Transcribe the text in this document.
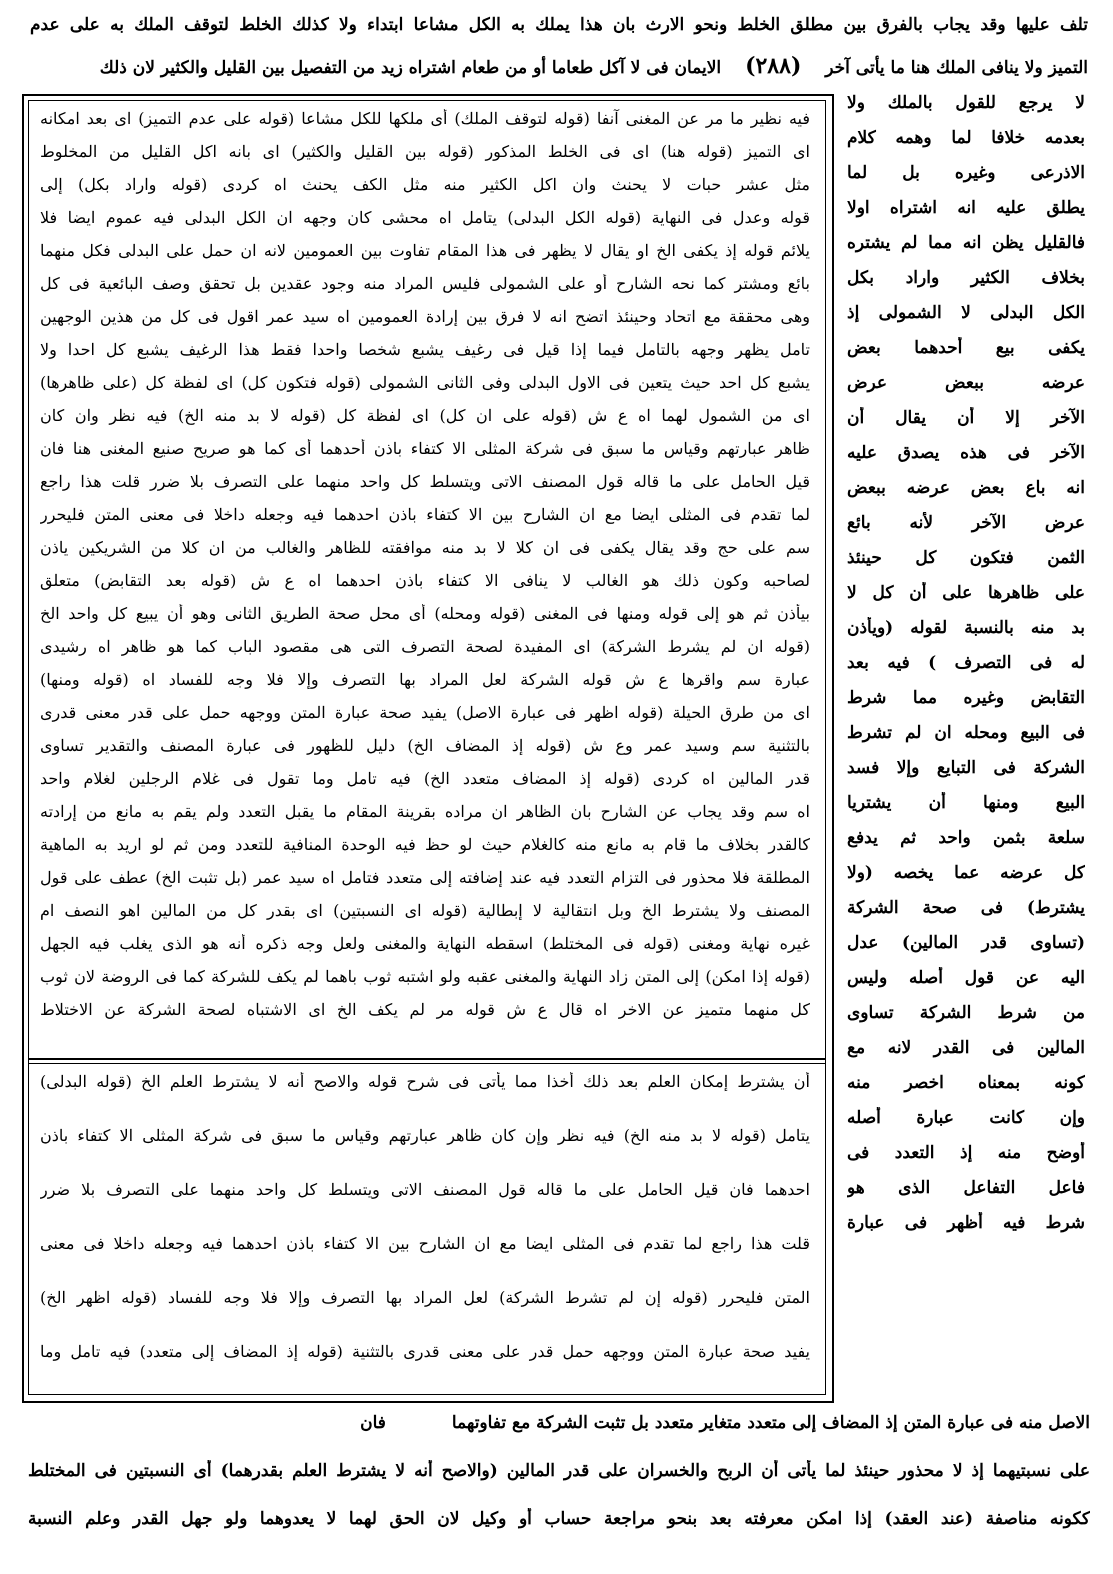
تلف عليها وقد يجاب بالفرق بين مطلق الخلط ونحو الارث بان هذا يملك به الكل مشاعا ابتداء ولا كذلك الخلط لتوقف الملك به على عدم
التميز ولا ينافى الملك هنا ما يأتى آخر (٢٨٨) الايمان فى لا آكل طعاما أو من طعام اشتراه زيد من التفصيل بين القليل والكثير لان ذلك
لا يرجع للقول بالملك ولا
بعدمه خلافا لما وهمه كلام
الاذرعى وغيره بل لما
يطلق عليه انه اشتراه اولا
فالقليل يظن انه مما لم يشتره
بخلاف الكثير واراد بكل
الكل البدلى لا الشمولى إذ
يكفى بيع أحدهما بعض
عرضه ببعض عرض
الآخر إلا أن يقال أن
الآخر فى هذه يصدق عليه
انه باع بعض عرضه ببعض
عرض الآخر لأنه بائع
الثمن فتكون كل حينئذ
على ظاهرها على أن كل لا
بد منه بالنسبة لقوله (ويأذن
له فى التصرف ) فيه بعد
التقابض وغيره مما شرط
فى البيع ومحله ان لم تشرط
الشركة فى التبايع وإلا فسد
البيع ومنها أن يشتريا
سلعة بثمن واحد ثم يدفع
كل عرضه عما يخصه (ولا
يشترط) فى صحة الشركة
(تساوى قدر المالين) عدل
اليه عن قول أصله وليس
من شرط الشركة تساوى
المالين فى القدر لانه مع
كونه بمعناه اخصر منه
وإن كانت عبارة أصله
أوضح منه إذ التعدد فى
فاعل التفاعل الذى هو
شرط فيه أظهر فى عبارة
فيه نظير ما مر عن المغنى آنفا (قوله لتوقف الملك) أى ملكها للكل مشاعا (قوله على عدم التميز) اى بعد امكانه
اى التميز (قوله هنا) اى فى الخلط المذكور (قوله بين القليل والكثير) اى بانه اكل القليل من المخلوط
مثل عشر حبات لا يحنث وان اكل الكثير منه مثل الكف يحنث اه كردى (قوله واراد بكل) إلى
قوله وعدل فى النهاية (قوله الكل البدلى) يتامل اه محشى كان وجهه ان الكل البدلى فيه عموم ايضا فلا
يلائم قوله إذ يكفى الخ او يقال لا يظهر فى هذا المقام تفاوت بين العمومين لانه ان حمل على البدلى فكل منهما
بائع ومشتر كما نحه الشارح أو على الشمولى فليس المراد منه وجود عقدين بل تحقق وصف البائعية فى كل
وهى محققة مع اتحاد وحينئذ اتضح انه لا فرق بين إرادة العمومين اه سيد عمر اقول فى كل من هذين الوجهين
تامل يظهر وجهه بالتامل فيما إذا قيل فى رغيف يشبع شخصا واحدا فقط هذا الرغيف يشبع كل احدا ولا
يشبع كل احد حيث يتعين فى الاول البدلى وفى الثانى الشمولى (قوله فتكون كل) اى لفظة كل (على ظاهرها)
اى من الشمول لهما اه ع ش (قوله على ان كل) اى لفظة كل (قوله لا بد منه الخ) فيه نظر وان كان
ظاهر عبارتهم وقياس ما سبق فى شركة المثلى الا كتفاء باذن أحدهما أى كما هو صريح صنيع المغنى هنا فان
قيل الحامل على ما قاله قول المصنف الاتى ويتسلط كل واحد منهما على التصرف بلا ضرر قلت هذا راجع
لما تقدم فى المثلى ايضا مع ان الشارح بين الا كتفاء باذن احدهما فيه وجعله داخلا فى معنى المتن فليحرر
سم على حج وقد يقال يكفى فى ان كلا لا بد منه موافقته للظاهر والغالب من ان كلا من الشريكين ياذن
لصاحبه وكون ذلك هو الغالب لا ينافى الا كتفاء باذن احدهما اه ع ش (قوله بعد التقابض) متعلق
بيأذن ثم هو إلى قوله ومنها فى المغنى (قوله ومحله) أى محل صحة الطريق الثانى وهو أن يبيع كل واحد الخ
(قوله ان لم يشرط الشركة) اى المفيدة لصحة التصرف التى هى مقصود الباب كما هو ظاهر اه رشيدى
عبارة سم واقرها ع ش قوله الشركة لعل المراد بها التصرف وإلا فلا وجه للفساد اه (قوله ومنها)
اى من طرق الحيلة (قوله اظهر فى عبارة الاصل) يفيد صحة عبارة المتن ووجهه حمل على قدر معنى قدرى
بالتثنية سم وسيد عمر وع ش (قوله إذ المضاف الخ) دليل للظهور فى عبارة المصنف والتقدير تساوى
قدر المالين اه كردى (قوله إذ المضاف متعدد الخ) فيه تامل وما تقول فى غلام الرجلين لغلام واحد
اه سم وقد يجاب عن الشارح بان الظاهر ان مراده بقرينة المقام ما يقبل التعدد ولم يقم به مانع من إرادته
كالقدر بخلاف ما قام به مانع منه كالغلام حيث لو حظ فيه الوحدة المنافية للتعدد ومن ثم لو اريد به الماهية
المطلقة فلا محذور فى التزام التعدد فيه عند إضافته إلى متعدد فتامل اه سيد عمر (بل تثبت الخ) عطف على قول
المصنف ولا يشترط الخ وبل انتقالية لا إبطالية (قوله اى النسبتين) اى بقدر كل من المالين اهو النصف ام
غيره نهاية ومغنى (قوله فى المختلط) اسقطه النهاية والمغنى ولعل وجه ذكره أنه هو الذى يغلب فيه الجهل
(قوله إذا امكن) إلى المتن زاد النهاية والمغنى عقبه ولو اشتبه ثوب باهما لم يكف للشركة كما فى الروضة لان ثوب
كل منهما متميز عن الاخر اه قال ع ش قوله مر لم يكف الخ اى الاشتباه لصحة الشركة عن الاختلاط
أن يشترط إمكان العلم بعد ذلك أخذا مما يأتى فى شرح قوله والاصح أنه لا يشترط العلم الخ (قوله البدلى)
يتامل (قوله لا بد منه الخ) فيه نظر وإن كان ظاهر عبارتهم وقياس ما سبق فى شركة المثلى الا كتفاء باذن
احدهما فان قيل الحامل على ما قاله قول المصنف الاتى ويتسلط كل واحد منهما على التصرف بلا ضرر
قلت هذا راجع لما تقدم فى المثلى ايضا مع ان الشارح بين الا كتفاء باذن احدهما فيه وجعله داخلا فى معنى
المتن فليحرر (قوله إن لم تشرط الشركة) لعل المراد بها التصرف وإلا فلا وجه للفساد (قوله اظهر الخ)
يفيد صحة عبارة المتن ووجهه حمل قدر على معنى قدرى بالتثنية (قوله إذ المضاف إلى متعدد) فيه تامل وما
الاصل منه فى عبارة المتن إذ المضاف إلى متعدد متغاير متعدد بل تثبت الشركة مع تفاوتهما فان
على نسبتيهما إذ لا محذور حينئذ لما يأتى أن الربح والخسران على قدر المالين (والاصح أنه لا يشترط العلم بقدرهما) أى النسبتين فى المختلط
ككونه مناصفة (عند العقد) إذا امكن معرفته بعد بنحو مراجعة حساب أو وكيل لان الحق لهما لا يعدوهما ولو جهل القدر وعلم النسبة
